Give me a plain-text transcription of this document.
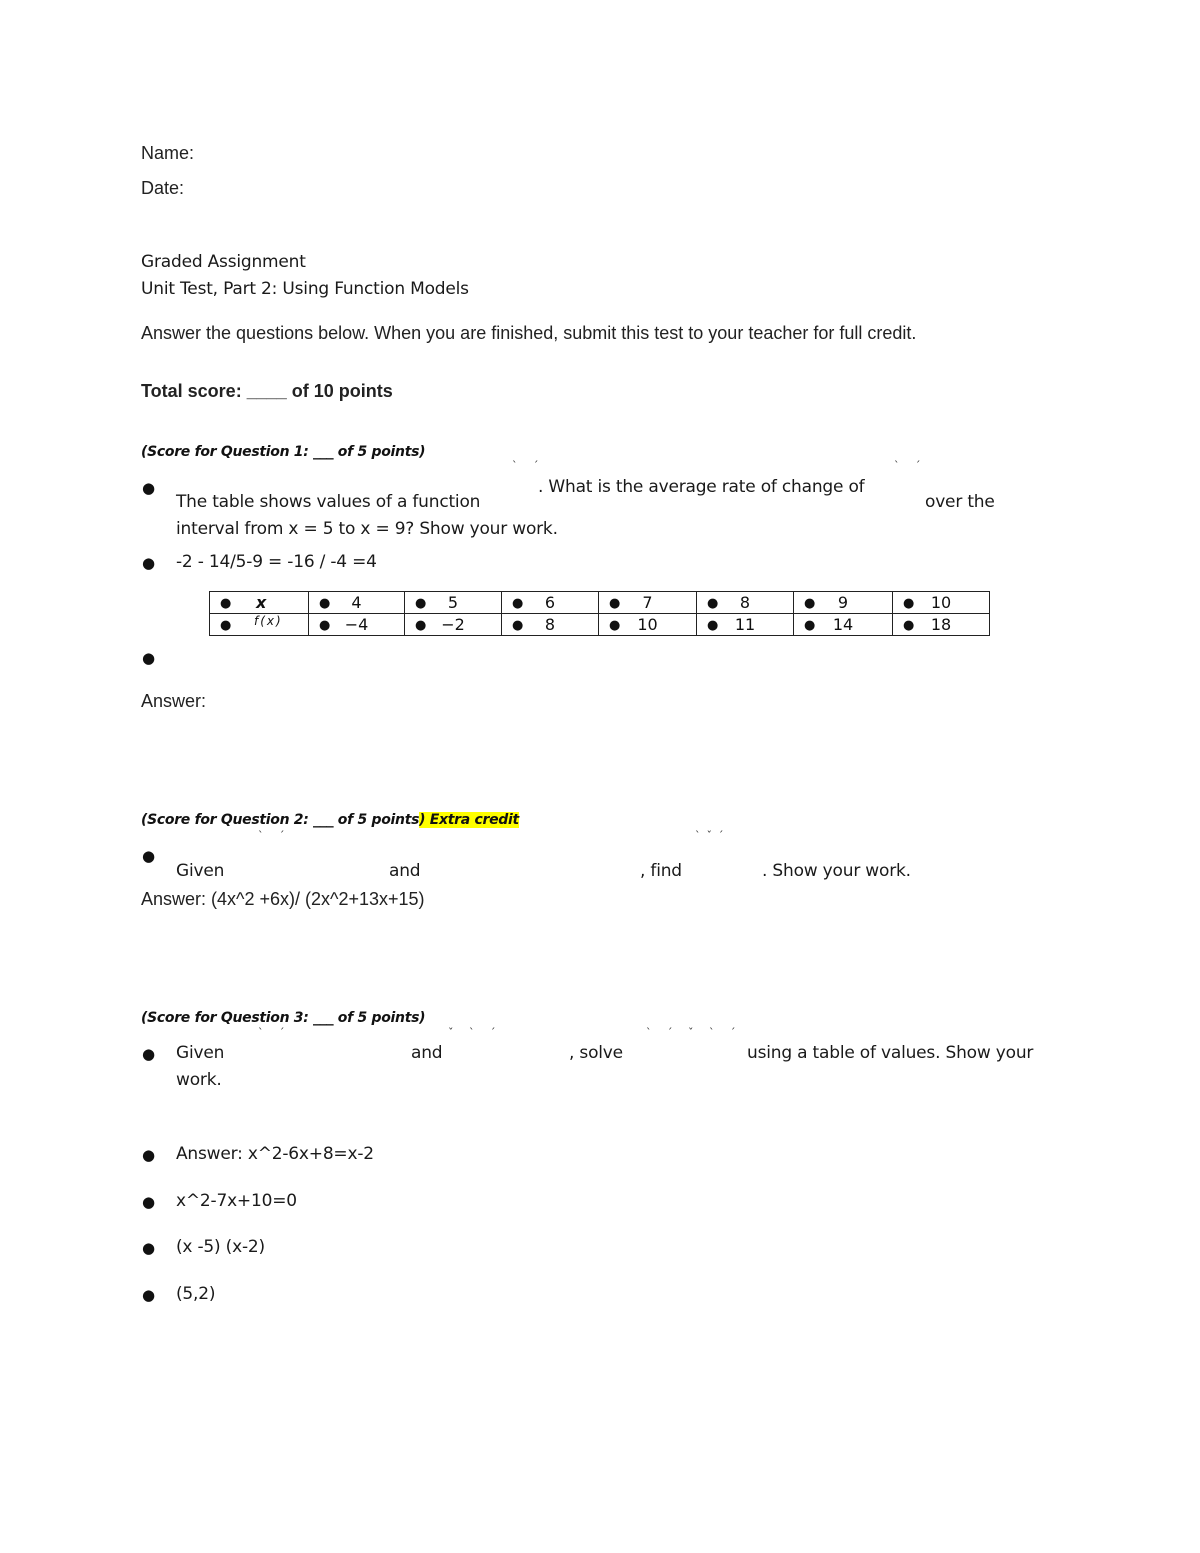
Name:
Date:
Graded Assignment
Unit Test, Part 2: Using Function Models
Answer the questions below. When you are finished, submit this test to your teacher for full credit.
Total score: ____ of 10 points
(Score for Question 1: ___ of 5 points)
` ´	` ´
●	. What is the average rate of change of
The table shows values of a function	over the
interval from x = 5 to x = 9? Show your work.
● -2 - 14/5-9 = -16 / -4 =4
● x	● 4	● 5	● 6	● 7	● 8	● 9	● 10

● f(x)	● −4	● −2	● 8	● 10	● 11	● 14	● 18
●
Answer:
(Score for Question 2: ___ of 5 points) Extra credit
` ´	`ˇ´
●
Given	and	, find	. Show your work.
Answer: (4x^2 +6x)/ (2x^2+13x+15)
(Score for Question 3: ___ of 5 points)
` ´	ˇ ` ´	` ´ ˇ ` ´
● Given	and	, solve	using a table of values. Show your
work.
● Answer: x^2-6x+8=x-2
● x^2-7x+10=0
● (x -5) (x-2)
● (5,2)
